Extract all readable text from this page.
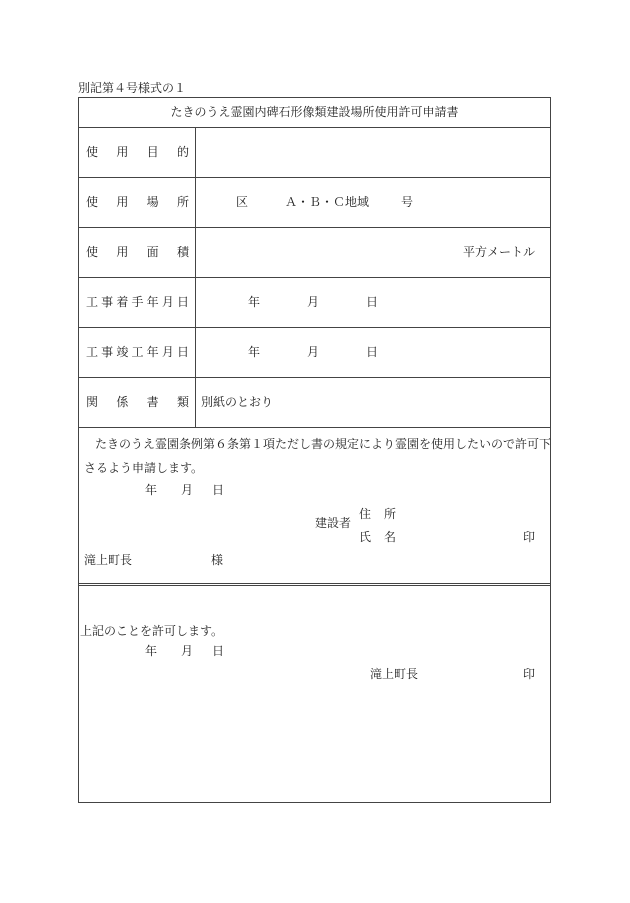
別記第４号様式の１
たきのうえ霊園内碑石形像類建設場所使用許可申請書
使用目的
使用場所	区	Ａ・Ｂ・Ｃ地域	号
使用面積	平方メートル
工事着手年月日	年	月	日
工事竣工年月日	年	月	日
関係書類	別紙のとおり
たきのうえ霊園条例第６条第１項ただし書の規定により霊園を使用したいので許可下
さるよう申請します。
年 月 日
建設者
住所
氏名	印
滝上町長	様
上記のことを許可します。
年 月 日
滝上町長	印
